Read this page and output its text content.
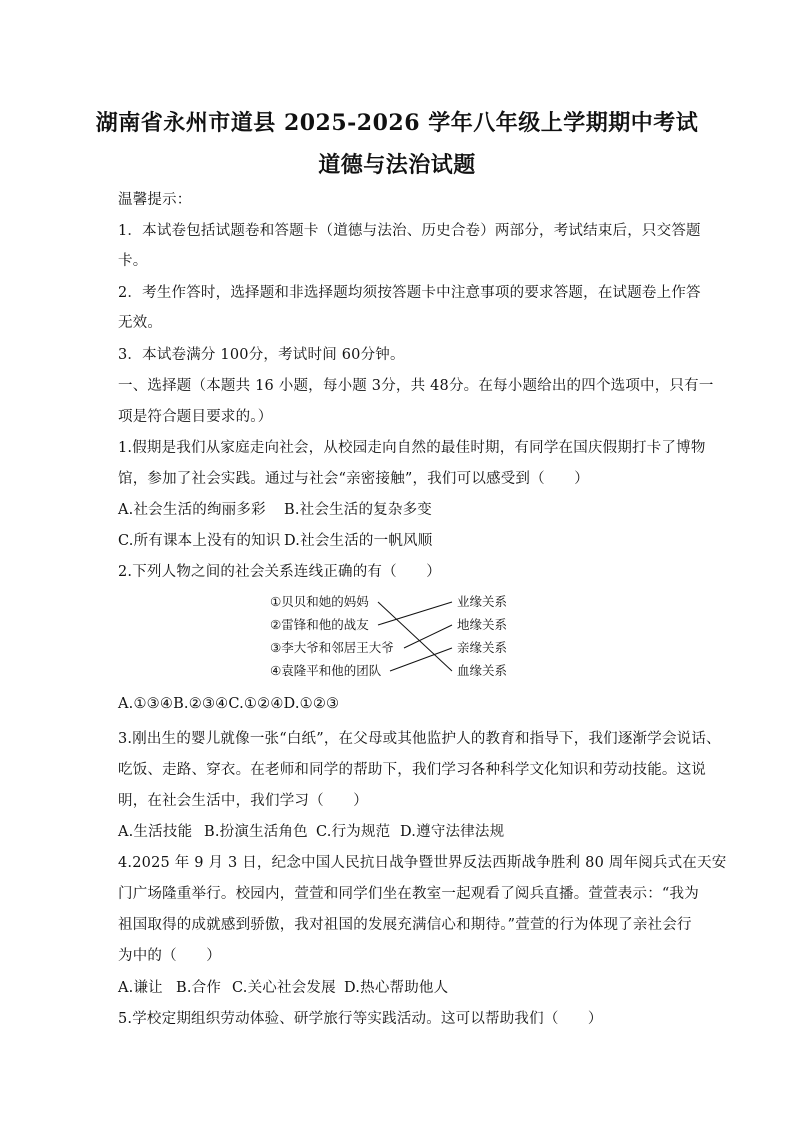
湖南省永州市道县 2025-2026 学年八年级上学期期中考试
道德与法治试题
温馨提示：
1．本试卷包括试题卷和答题卡（道德与法治、历史合卷）两部分，考试结束后，只交答题
卡。
2．考生作答时，选择题和非选择题均须按答题卡中注意事项的要求答题，在试题卷上作答
无效。
3．本试卷满分 100分，考试时间 60分钟。
一、选择题（本题共 16 小题，每小题 3分，共 48分。在每小题给出的四个选项中，只有一
项是符合题目要求的。）
1.假期是我们从家庭走向社会，从校园走向自然的最佳时期，有同学在国庆假期打卡了博物
馆，参加了社会实践。通过与社会“亲密接触”，我们可以感受到（　　）
A.社会生活的绚丽多彩 B.社会生活的复杂多变
C.所有课本上没有的知识 D.社会生活的一帆风顺
2.下列人物之间的社会关系连线正确的有（　　）
①贝贝和她的妈妈
②雷锋和他的战友
③李大爷和邻居王大爷
④袁隆平和他的团队
业缘关系
地缘关系
亲缘关系
血缘关系
A.①③④B.②③④C.①②④D.①②③
3.刚出生的婴儿就像一张“白纸”，在父母或其他监护人的教育和指导下，我们逐渐学会说话、
吃饭、走路、穿衣。在老师和同学的帮助下，我们学习各种科学文化知识和劳动技能。这说
明，在社会生活中，我们学习（　　）
A.生活技能 B.扮演生活角色 C.行为规范 D.遵守法律法规
4.2025 年 9 月 3 日，纪念中国人民抗日战争暨世界反法西斯战争胜利 80 周年阅兵式在天安
门广场隆重举行。校园内，萱萱和同学们坐在教室一起观看了阅兵直播。萱萱表示：“我为
祖国取得的成就感到骄傲，我对祖国的发展充满信心和期待。”萱萱的行为体现了亲社会行
为中的（　　）
A.谦让 B.合作 C.关心社会发展 D.热心帮助他人
5.学校定期组织劳动体验、研学旅行等实践活动。这可以帮助我们（　　）
